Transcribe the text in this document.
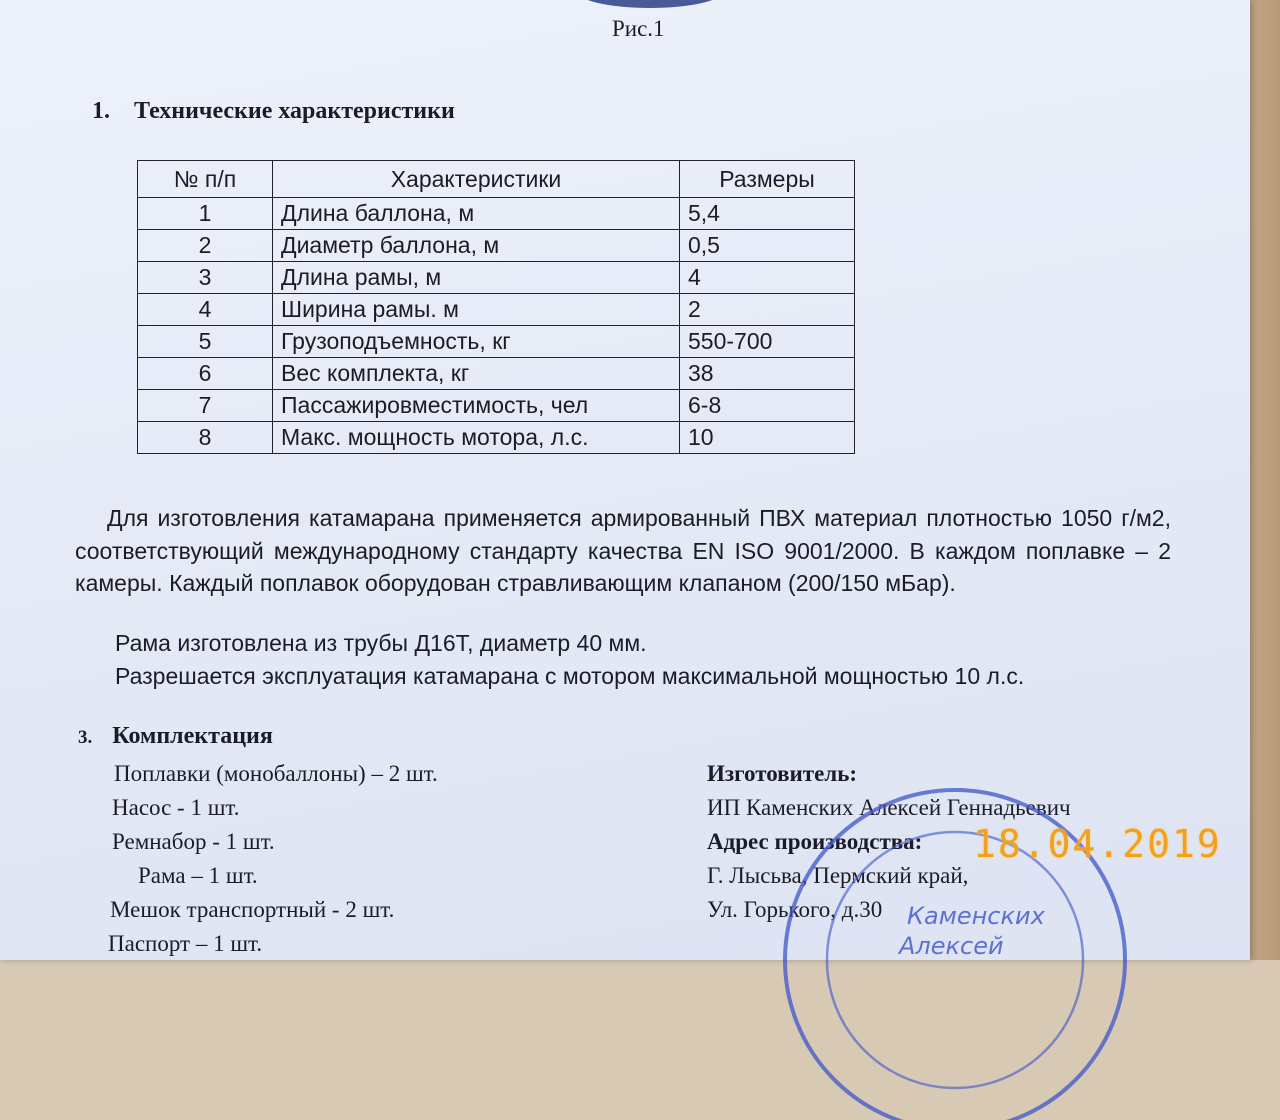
Рис.1
1. Технические характеристики
№ п/п	Характеристики	Размеры
1	Длина баллона, м	5,4
2	Диаметр баллона, м	0,5
3	Длина рамы, м	4
4	Ширина рамы. м	2
5	Грузоподъемность, кг	550-700
6	Вес комплекта, кг	38
7	Пассажировместимость, чел	6-8
8	Макс. мощность мотора, л.с.	10
Для изготовления катамарана применяется армированный ПВХ материал плотностью 1050 г/м2, соответствующий международному стандарту качества EN ISO 9001/2000. В каждом поплавке – 2 камеры. Каждый поплавок оборудован стравливающим клапаном (200/150 мБар).
Рама изготовлена из трубы Д16Т, диаметр 40 мм.
Разрешается эксплуатация катамарана с мотором максимальной мощностью 10 л.с.
3. Комплектация
Поплавки (монобаллоны) – 2 шт.
Насос - 1 шт.
Ремнабор - 1 шт.
Рама – 1 шт.
Мешок транспортный - 2 шт.
Паспорт – 1 шт.
Изготовитель:
ИП Каменских Алексей Геннадьевич
Адрес производства:
Г. Лысьва, Пермский край,
Ул. Горького, д.30	Каменских
Алексей
18.04.2019
